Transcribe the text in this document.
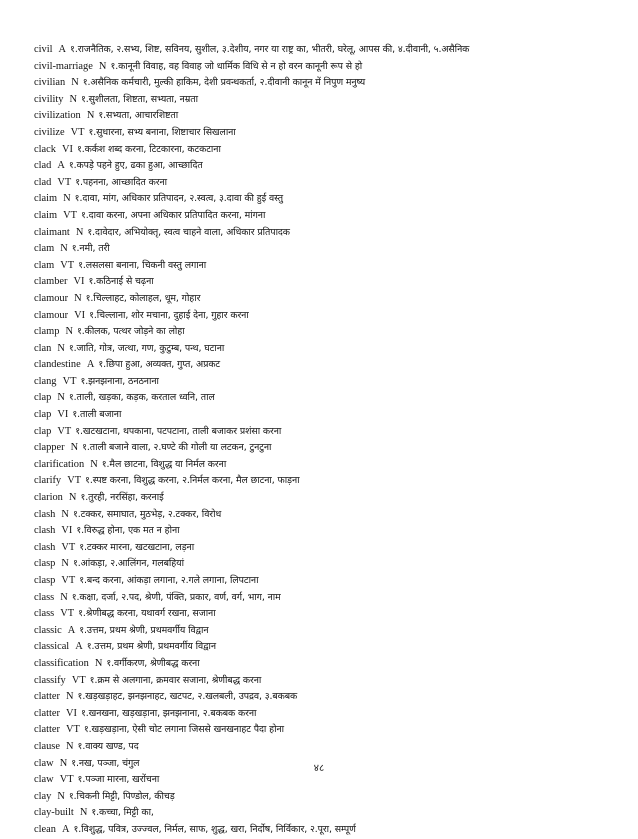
civil A १.राजनैतिक, २.सभ्य, शिष्ट, सविनय, सुशील, ३.देशीय, नगर या राष्ट्र का, भीतरी, घरेलू, आपस की, ४.दीवानी, ५.असैनिक
civil-marriage N १.कानूनी विवाह, वह विवाह जो धार्मिक विधि से न हो वरन कानूनी रूप से हो
civilian N १.असैनिक कर्मचारी, मुल्की हाकिम, देशी प्रवन्धकर्ता, २.दीवानी कानून में निपुण मनुष्य
civility N १.सुशीलता, शिष्टता, सभ्यता, नम्रता
civilization N १.सभ्यता, आचारशिष्टता
civilize VT १.सुधारना, सभ्य बनाना, शिष्टाचार सिखलाना
clack VI १.कर्कश शब्द करना, टिटकारना, कटकटाना
clad A १.कपड़े पहने हुए, ढका हुआ, आच्छादित
clad VT १.पहनना, आच्छादित करना
claim N १.दावा, मांग, अधिकार प्रतिपादन, २.स्वत्व, ३.दावा की हुई वस्तु
claim VT १.दावा करना, अपना अधिकार प्रतिपादित करना, मांगना
claimant N १.दावेदार, अभियोक्तृ, स्वत्व चाहने वाला, अधिकार प्रतिपादक
clam N १.नमी, तरी
clam VT १.लसलसा बनाना, चिकनी वस्तु लगाना
clamber VI १.कठिनाई से चढ़ना
clamour N १.चिल्लाहट, कोलाहल, धूम, गोहार
clamour VI १.चिल्लाना, शोर मचाना, दुहाई देना, गुहार करना
clamp N १.कीलक, पत्थर जोड़ने का लोहा
clan N १.जाति, गोत्र, जत्था, गण, कुटुम्ब, पन्थ, घटाना
clandestine A १.छिपा हुआ, अव्यक्त, गुप्त, अप्रकट
clang VT १.झनझनाना, ठनठनाना
clap N १.ताली, खड़का, कड़क, करताल ध्वनि, ताल
clap VI १.ताली बजाना
clap VT १.खटखटाना, थपकाना, पटपटाना, ताली बजाकर प्रशंसा करना
clapper N १.ताली बजाने वाला, २.घण्टे की गोली या लटकन, टुनटुना
clarification N १.मैल छाटना, विशुद्ध या निर्मल करना
clarify VT १.स्पष्ट करना, विशुद्ध करना, २.निर्मल करना, मैल छाटना, फाड़ना
clarion N १.तुरही, नरसिंहा, करनाई
clash N १.टक्कर, समाघात, मुठभेड़, २.टक्कर, विरोध
clash VI १.विरुद्ध होना, एक मत न होना
clash VT १.टक्कर मारना, खटखटाना, लड़ना
clasp N १.आंकड़ा, २.आलिंगन, गलबहियां
clasp VT १.बन्द करना, आंकड़ा लगाना, २.गले लगाना, लिपटाना
class N १.कक्षा, दर्जा, २.पद, श्रेणी, पंक्ति, प्रकार, वर्ण, वर्ग, भाग, नाम
class VT १.श्रेणीबद्ध करना, यथावर्ग रखना, सजाना
classic A १.उत्तम, प्रथम श्रेणी, प्रथमवर्गीय विद्वान
classical A १.उत्तम, प्रथम श्रेणी, प्रथमवर्गीय विद्वान
classification N १.वर्गीकरण, श्रेणीबद्ध करना
classify VT १.क्रम से अलगाना, क्रमवार सजाना, श्रेणीबद्ध करना
clatter N १.खड़खड़ाहट, झनझनाहट, खटपट, २.खलबली, उपद्रव, ३.बकबक
clatter VI १.खनखना, खड़खड़ाना, झनझनाना, २.बकबक करना
clatter VT १.खड़खड़ाना, ऐसी चोट लगाना जिससे खनखनाहट पैदा होना
clause N १.वाक्य खण्ड, पद
claw N १.नख, पञ्जा, चंगुल
claw VT १.पञ्जा मारना, खरोंचना
clay N १.चिकनी मिट्टी, पिण्डोल, कीचड़
clay-built N १.कच्चा, मिट्टी का,
clean A १.विशुद्ध, पवित्र, उज्ज्वल, निर्मल, साफ, शुद्ध, खरा, निर्दोष, निर्विकार, २.पूरा, सम्पूर्ण
४८
